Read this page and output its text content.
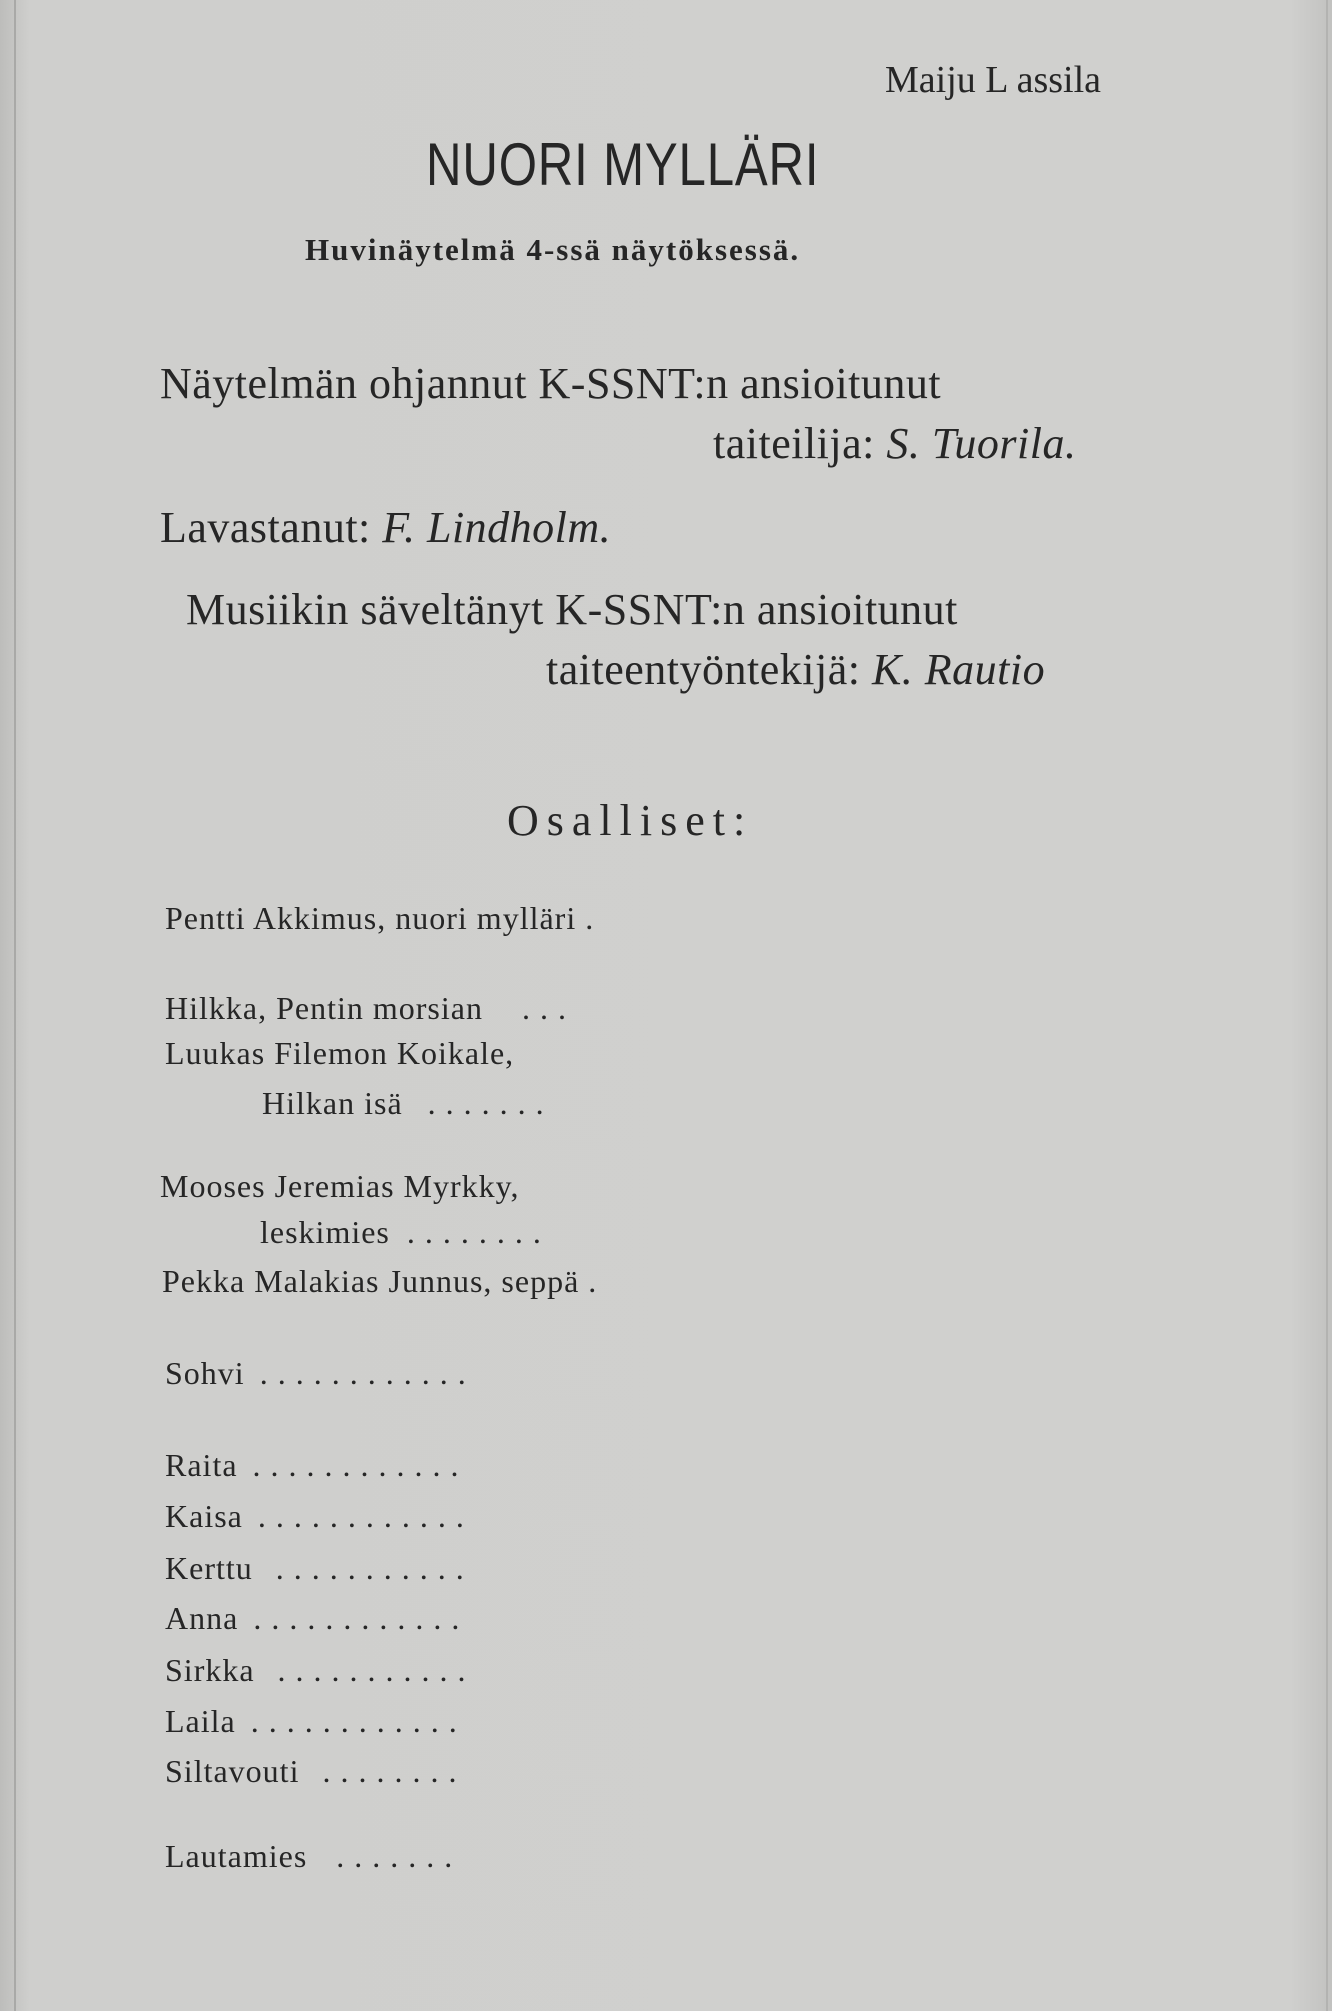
Maiju L assila
NUORI MYLLÄRI
Huvinäytelmä 4-ssä näytöksessä.
Näytelmän ohjannut K-SSNT:n ansioitunut
taiteilija: S. Tuorila.
Lavastanut: F. Lindholm.
Musiikin säveltänyt K-SSNT:n ansioitunut
taiteentyöntekijä: K. Rautio
Osalliset:
Pentti Akkimus, nuori mylläri .
Hilkka, Pentin morsian ...
Luukas Filemon Koikale,
Hilkan isä .......
Mooses Jeremias Myrkky,
leskimies ........
Pekka Malakias Junnus, seppä .
Sohvi ............
Raita ............
Kaisa ............
Kerttu ...........
Anna ............
Sirkka ...........
Laila ............
Siltavouti ........
Lautamies .......
